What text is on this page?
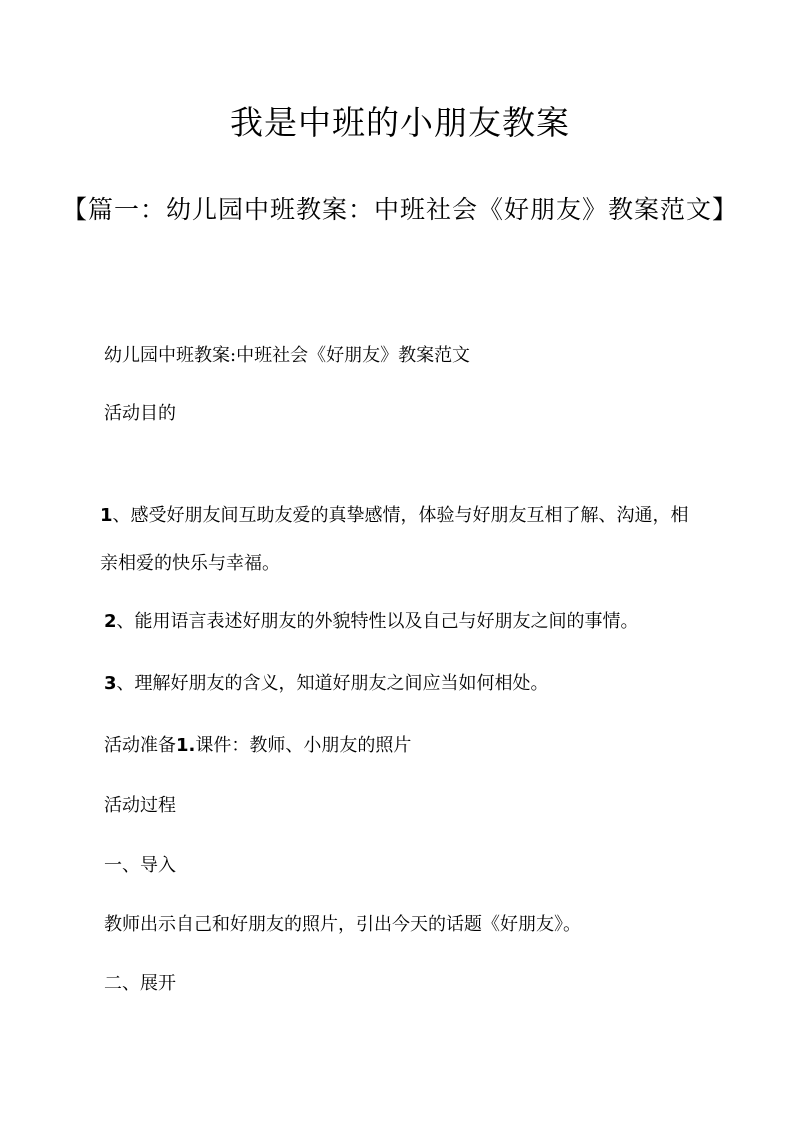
我是中班的小朋友教案
【篇一：幼儿园中班教案：中班社会《好朋友》教案范文】
幼儿园中班教案:中班社会《好朋友》教案范文
活动目的
1、感受好朋友间互助友爱的真挚感情，体验与好朋友互相了解、沟通，相亲相爱的快乐与幸福。
2、能用语言表述好朋友的外貌特性以及自己与好朋友之间的事情。
3、理解好朋友的含义，知道好朋友之间应当如何相处。
活动准备1.课件：教师、小朋友的照片
活动过程
一、导入
教师出示自己和好朋友的照片，引出今天的话题《好朋友》。
二、展开
